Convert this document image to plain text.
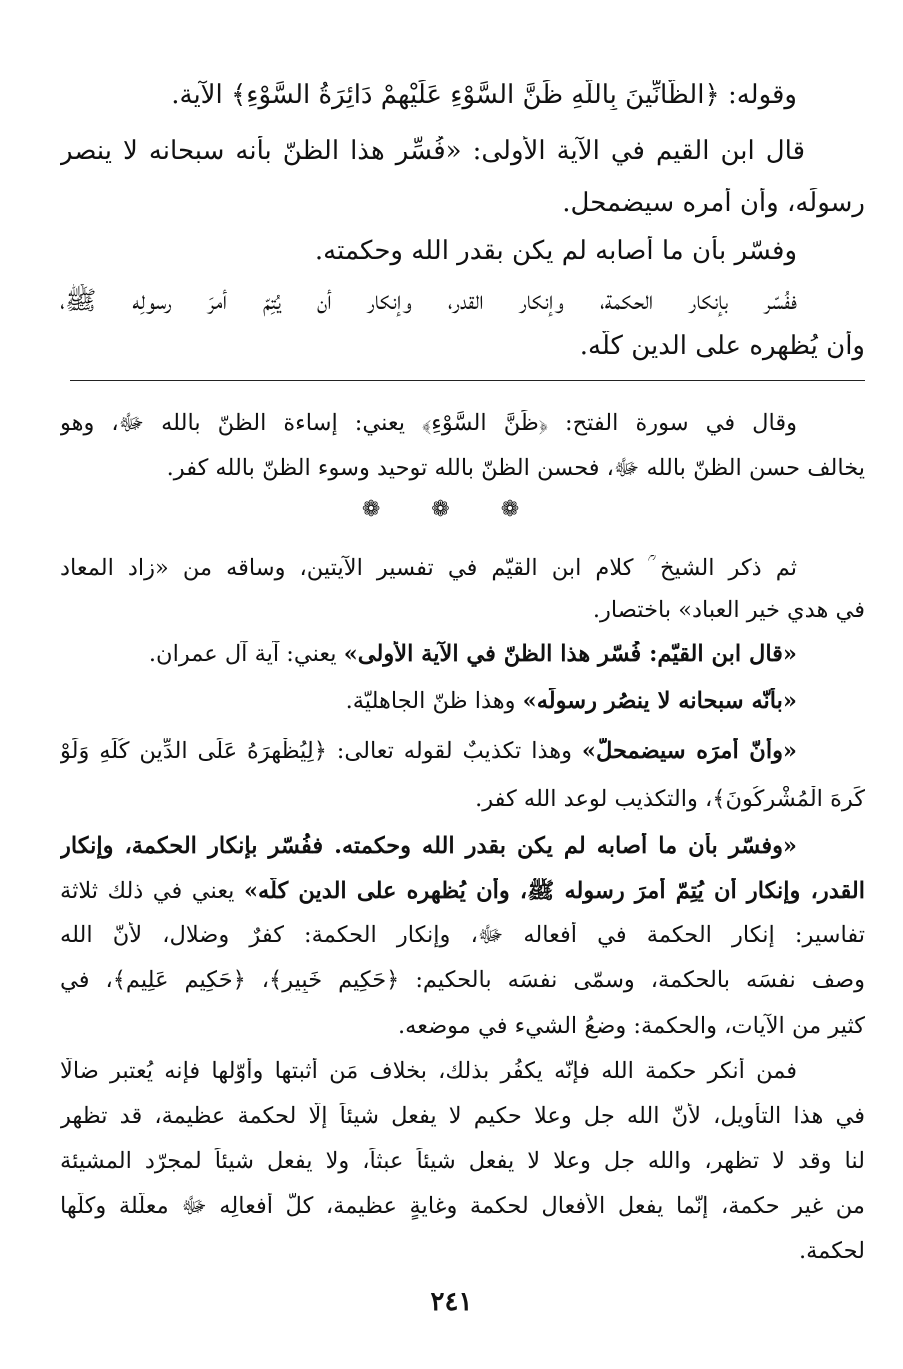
وقوله: ﴿الظَّانِّينَ بِاللَّهِ ظَنَّ السَّوْءِ عَلَيْهِمْ دَائِرَةُ السَّوْءِ﴾ الآية.
قال ابن القيم في الآية الأولى: «فُسِّر هذا الظنّ بأنه سبحانه لا ينصر
رسولَه، وأن أمره سيضمحل.
وفسّر بأن ما أصابه لم يكن بقدر الله وحكمته.
ففُسّر بإنكار الحكمة، وإنكار القدر، وإنكار أن يُتِمّ أمرَ رسولِه ﷺ،
وأن يُظهره على الدين كلّه.
وقال في سورة الفتح: ﴿ظَنَّ السَّوْءِ﴾ يعني: إساءة الظنّ بالله ﷻ، وهو
يخالف حسن الظنّ بالله ﷻ، فحسن الظنّ بالله توحيد وسوء الظنّ بالله كفر.
❁ ❁ ❁
ثم ذكر الشيخ ؒ كلام ابن القيّم في تفسيرِ الآيتين، وساقه من «زاد المعاد
في هدي خيرِ العباد» باختصار.
«قال ابن القيّم: فُسّر هذا الظنّ في الآية الأولى» يعني: آية آل عمران.
«بأنّه سبحانه لا ينصُر رسولَه» وهذا ظنّ الجاهليّة.
«وأنّ أمرَه سيضمحلّ» وهذا تكذيبٌ لقوله تعالى: ﴿لِيُظْهِرَهُ عَلَى الدِّينِ كُلِّهِ وَلَوْ
كَرِهَ الْمُشْرِكُونَ﴾، والتكذيب لوعد الله كفر.
«وفسّر بأن ما أصابه لم يكن بقدر الله وحكمته. ففُسّر بإنكار الحكمة، وإنكار
القدر، وإنكار أن يُتِمّ أمرَ رسوله ﷺ، وأن يُظهره على الدين كلّه» يعني في ذلك ثلاثة
تفاسير: إنكار الحكمة في أفعاله ﷻ، وإنكار الحكمة: كفرٌ وضلال، لأنّ الله
وصف نفسَه بالحكمة، وسمّى نفسَه بالحكيم: ﴿حَكِيمٍ خَبِيرٍ﴾، ﴿حَكِيمٍ عَلِيمٍ﴾، في
كثيرٍ من الآيات، والحكمة: وضعُ الشيء في موضعه.
فمن أنكر حكمة الله فإنّه يكفُر بذلك، بخلاف مَن أثبتها وأوّلها فإنه يُعتبر ضالًّا
في هذا التأويل، لأنّ الله جل وعلا حكيم لا يفعل شيئاً إلّا لحكمة عظيمة، قد تظهر
لنا وقد لا تظهر، والله جل وعلا لا يفعل شيئاً عبثاً، ولا يفعل شيئاً لمجرّد المشيئة
من غير حكمة، إنّما يفعل الأفعال لحكمة وغايةٍ عظيمة، كلُّ أفعالِه ﷻ معلَّلة وكلُّها
لحكمة.
٢٤١
